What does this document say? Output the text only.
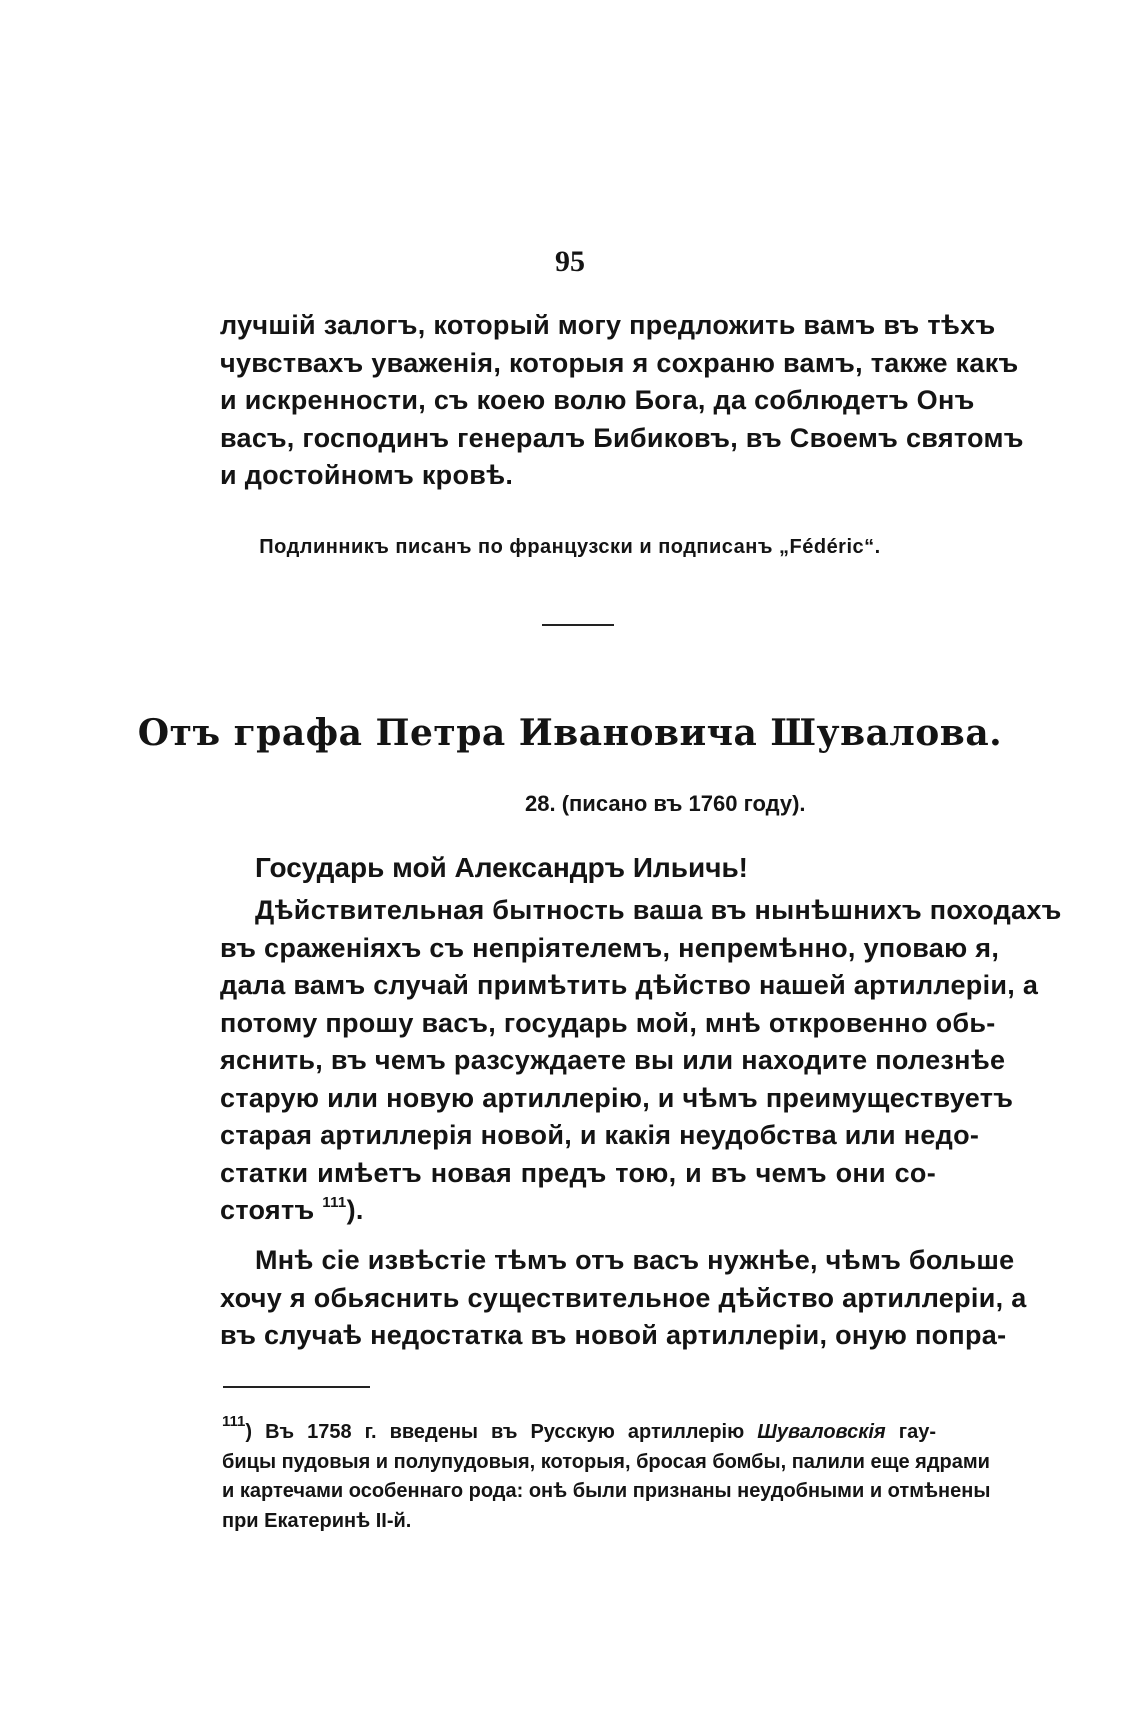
95
лучшій залогъ, который могу предложить вамъ въ тѣхъ
чувствахъ уваженія, которыя я сохраню вамъ, также какъ
и искренности, съ коею волю Бога, да соблюдетъ Онъ
васъ, господинъ генералъ Бибиковъ, въ Своемъ святомъ
и достойномъ кровѣ.
Подлинникъ писанъ по французски и подписанъ „Fédéric“.
Отъ графа Петра Ивановича Шувалова.
28. (писано въ 1760 году).
Государь мой Александръ Ильичь!
Дѣйствительная бытность ваша въ нынѣшнихъ походахъ
въ сраженіяхъ съ непріятелемъ, непремѣнно, уповаю я,
дала вамъ случай примѣтить дѣйство нашей артиллеріи, а
потому прошу васъ, государь мой, мнѣ откровенно обь-
яснить, въ чемъ разсуждаете вы или находите полезнѣе
старую или новую артиллерію, и чѣмъ преимуществуетъ
старая артиллерія новой, и какія неудобства или недо-
статки имѣетъ новая предъ тою, и въ чемъ они со-
стоятъ $^{111}$).
Мнѣ сіе извѣстіе тѣмъ отъ васъ нужнѣе, чѣмъ больше
хочу я обьяснить существительное дѣйство артиллеріи, а
въ случаѣ недостатка въ новой артиллеріи, оную попра-
$^{111}$) Въ 1758 г. введены въ Русскую артиллерію Шуваловскія гау-
бицы пудовыя и полупудовыя, которыя, бросая бомбы, палили еще ядрами
и картечами особеннаго рода: онѣ были признаны неудобными и отмѣнены
при Екатеринѣ II-й.
